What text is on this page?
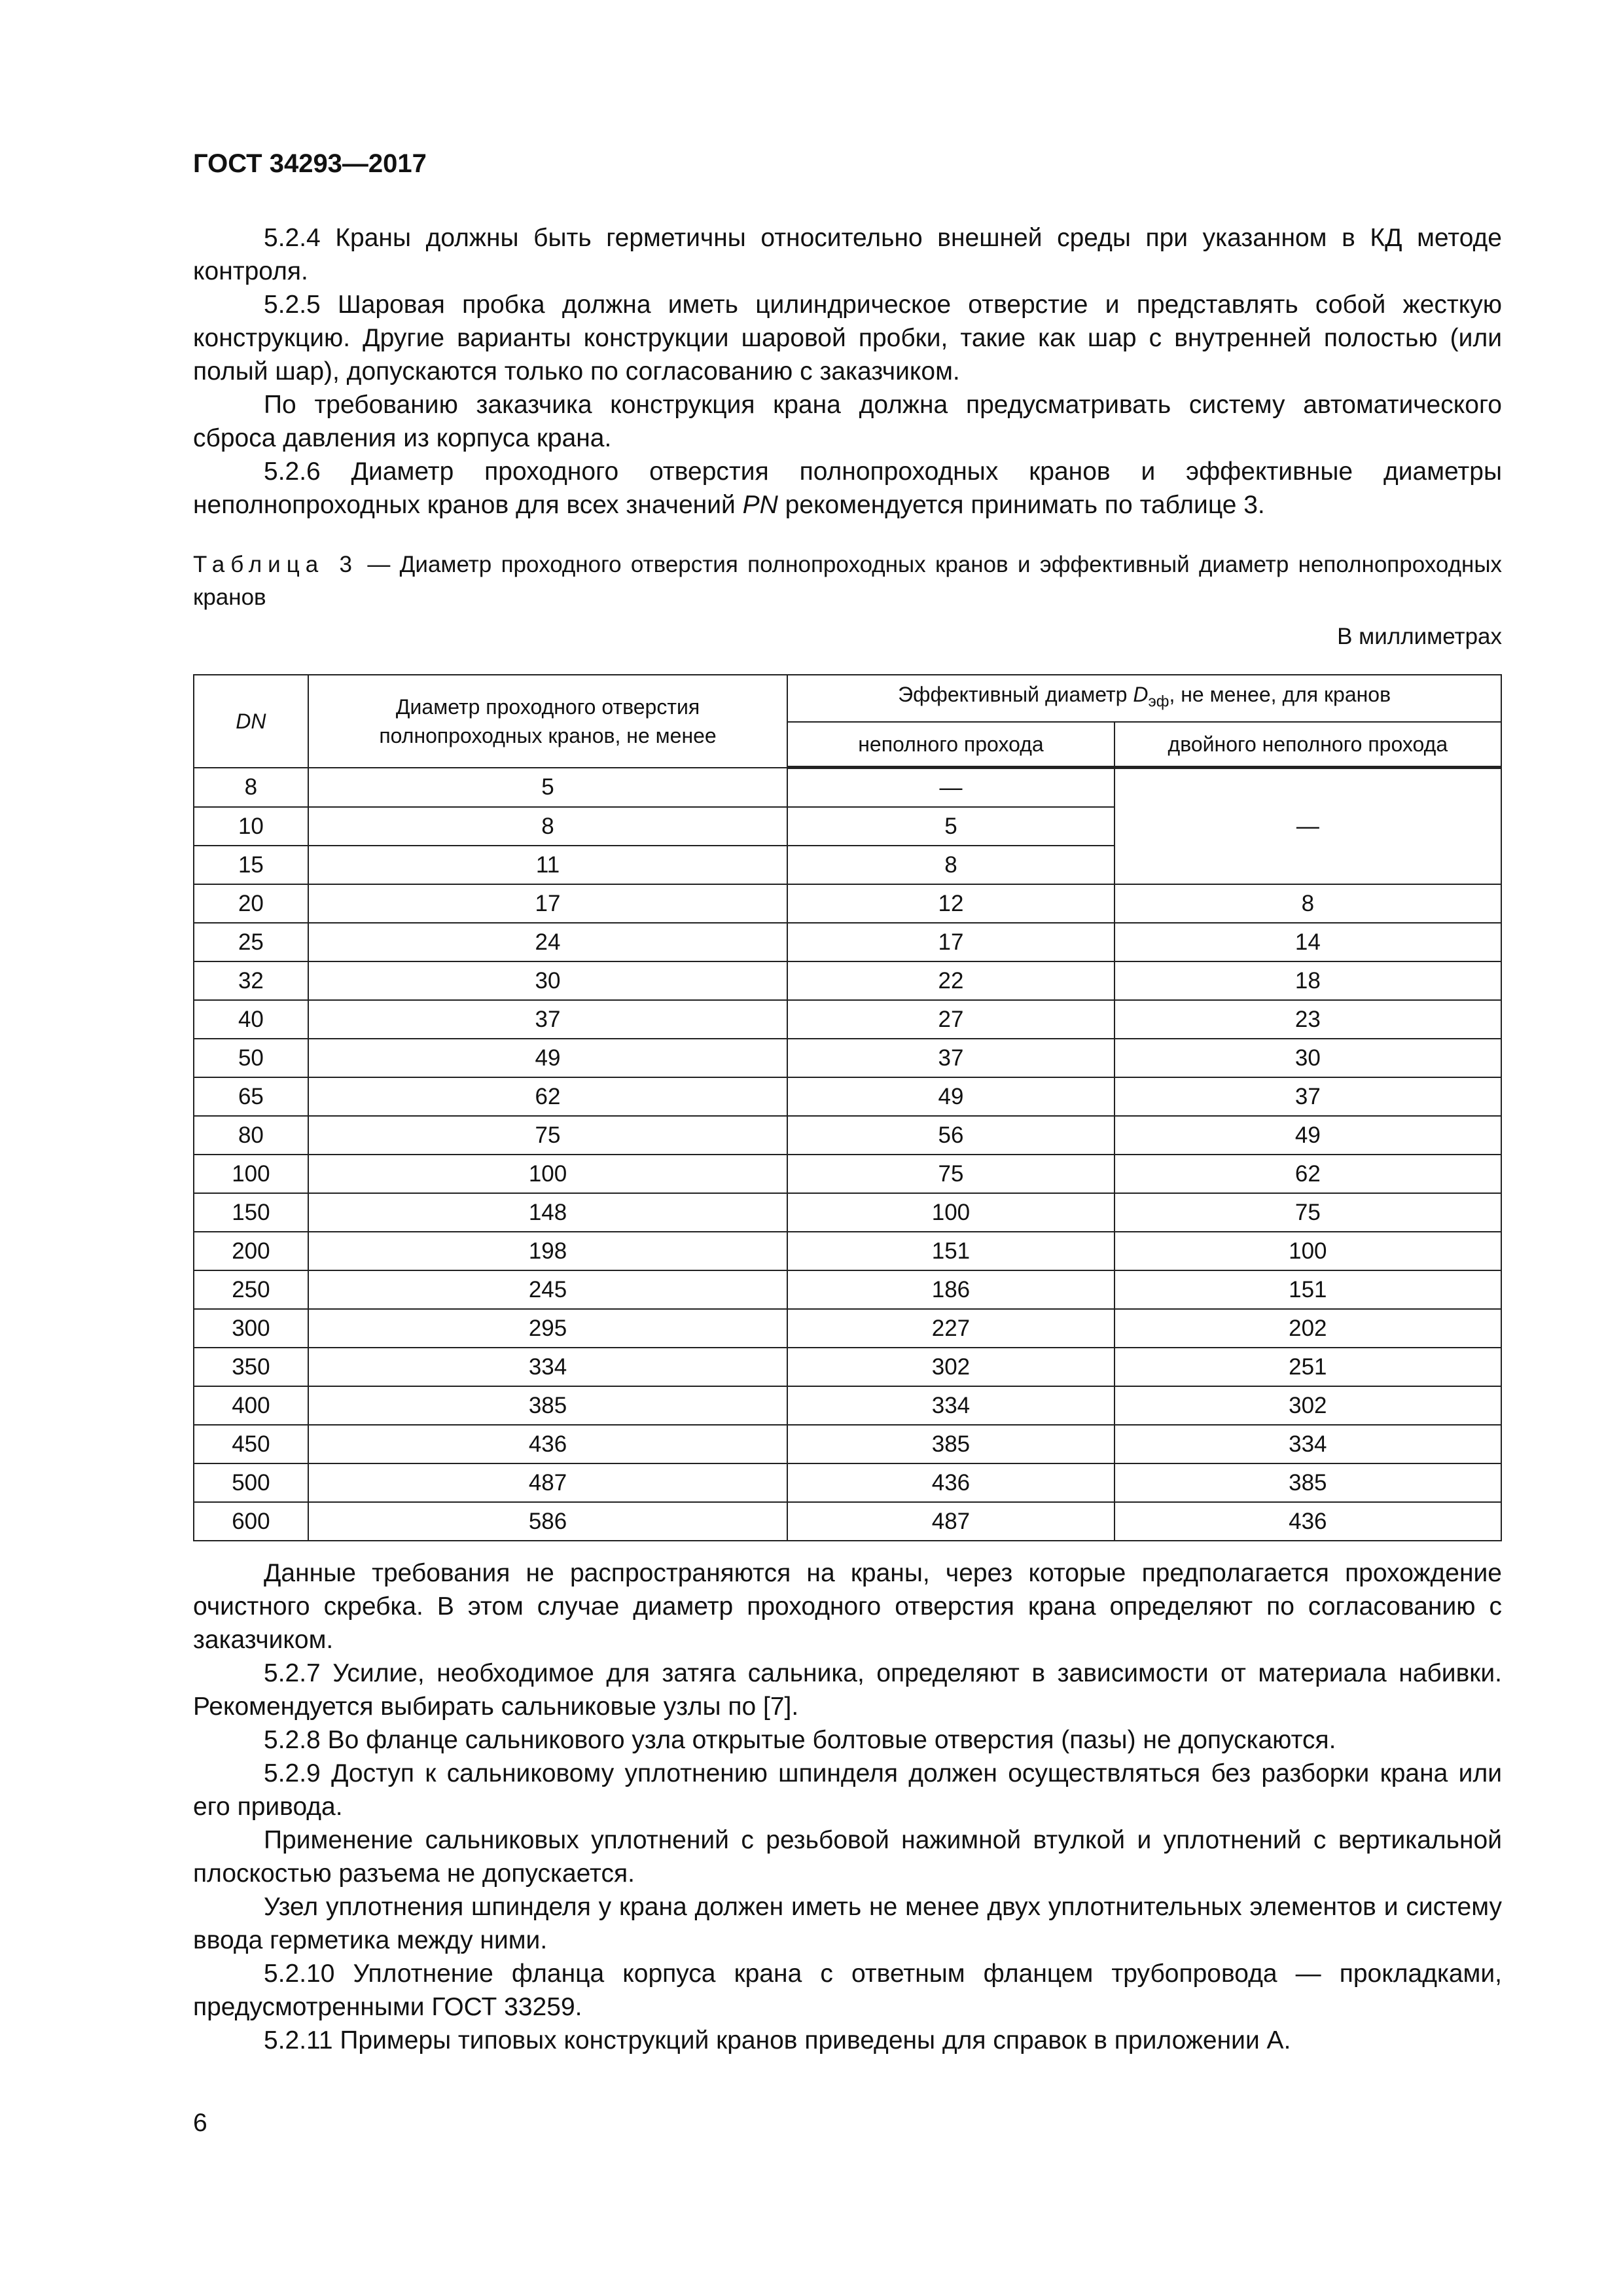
ГОСТ 34293—2017

5.2.4 Краны должны быть герметичны относительно внешней среды при указанном в КД методе контроля.

5.2.5 Шаровая пробка должна иметь цилиндрическое отверстие и представлять собой жесткую конструкцию. Другие варианты конструкции шаровой пробки, такие как шар с внутренней полостью (или полый шар), допускаются только по согласованию с заказчиком.

По требованию заказчика конструкция крана должна предусматривать систему автоматического сброса давления из корпуса крана.

5.2.6 Диаметр проходного отверстия полнопроходных кранов и эффективные диаметры неполнопроходных кранов для всех значений PN рекомендуется принимать по таблице 3.

Таблица 3 — Диаметр проходного отверстия полнопроходных кранов и эффективный диаметр неполнопроходных кранов
В миллиметрах
DN	Диаметр проходного отверстия полнопроходных кранов, не менее	Эффективный диаметр $D_{эф}$, не менее, для кранов	
		неполного прохода	двойного неполного прохода
8	5	—	—
10	8	5	
15	11	8	
20	17	12	8
25	24	17	14
32	30	22	18
40	37	27	23
50	49	37	30
65	62	49	37
80	75	56	49
100	100	75	62
150	148	100	75
200	198	151	100
250	245	186	151
300	295	227	202
350	334	302	251
400	385	334	302
450	436	385	334
500	487	436	385
600	586	487	436

Данные требования не распространяются на краны, через которые предполагается прохождение очистного скребка. В этом случае диаметр проходного отверстия крана определяют по согласованию с заказчиком.

5.2.7 Усилие, необходимое для затяга сальника, определяют в зависимости от материала набивки. Рекомендуется выбирать сальниковые узлы по [7].

5.2.8 Во фланце сальникового узла открытые болтовые отверстия (пазы) не допускаются.

5.2.9 Доступ к сальниковому уплотнению шпинделя должен осуществляться без разборки крана или его привода.

Применение сальниковых уплотнений с резьбовой нажимной втулкой и уплотнений с вертикальной плоскостью разъема не допускается.

Узел уплотнения шпинделя у крана должен иметь не менее двух уплотнительных элементов и систему ввода герметика между ними.

5.2.10 Уплотнение фланца корпуса крана с ответным фланцем трубопровода — прокладками, предусмотренными ГОСТ 33259.

5.2.11 Примеры типовых конструкций кранов приведены для справок в приложении А.

6
